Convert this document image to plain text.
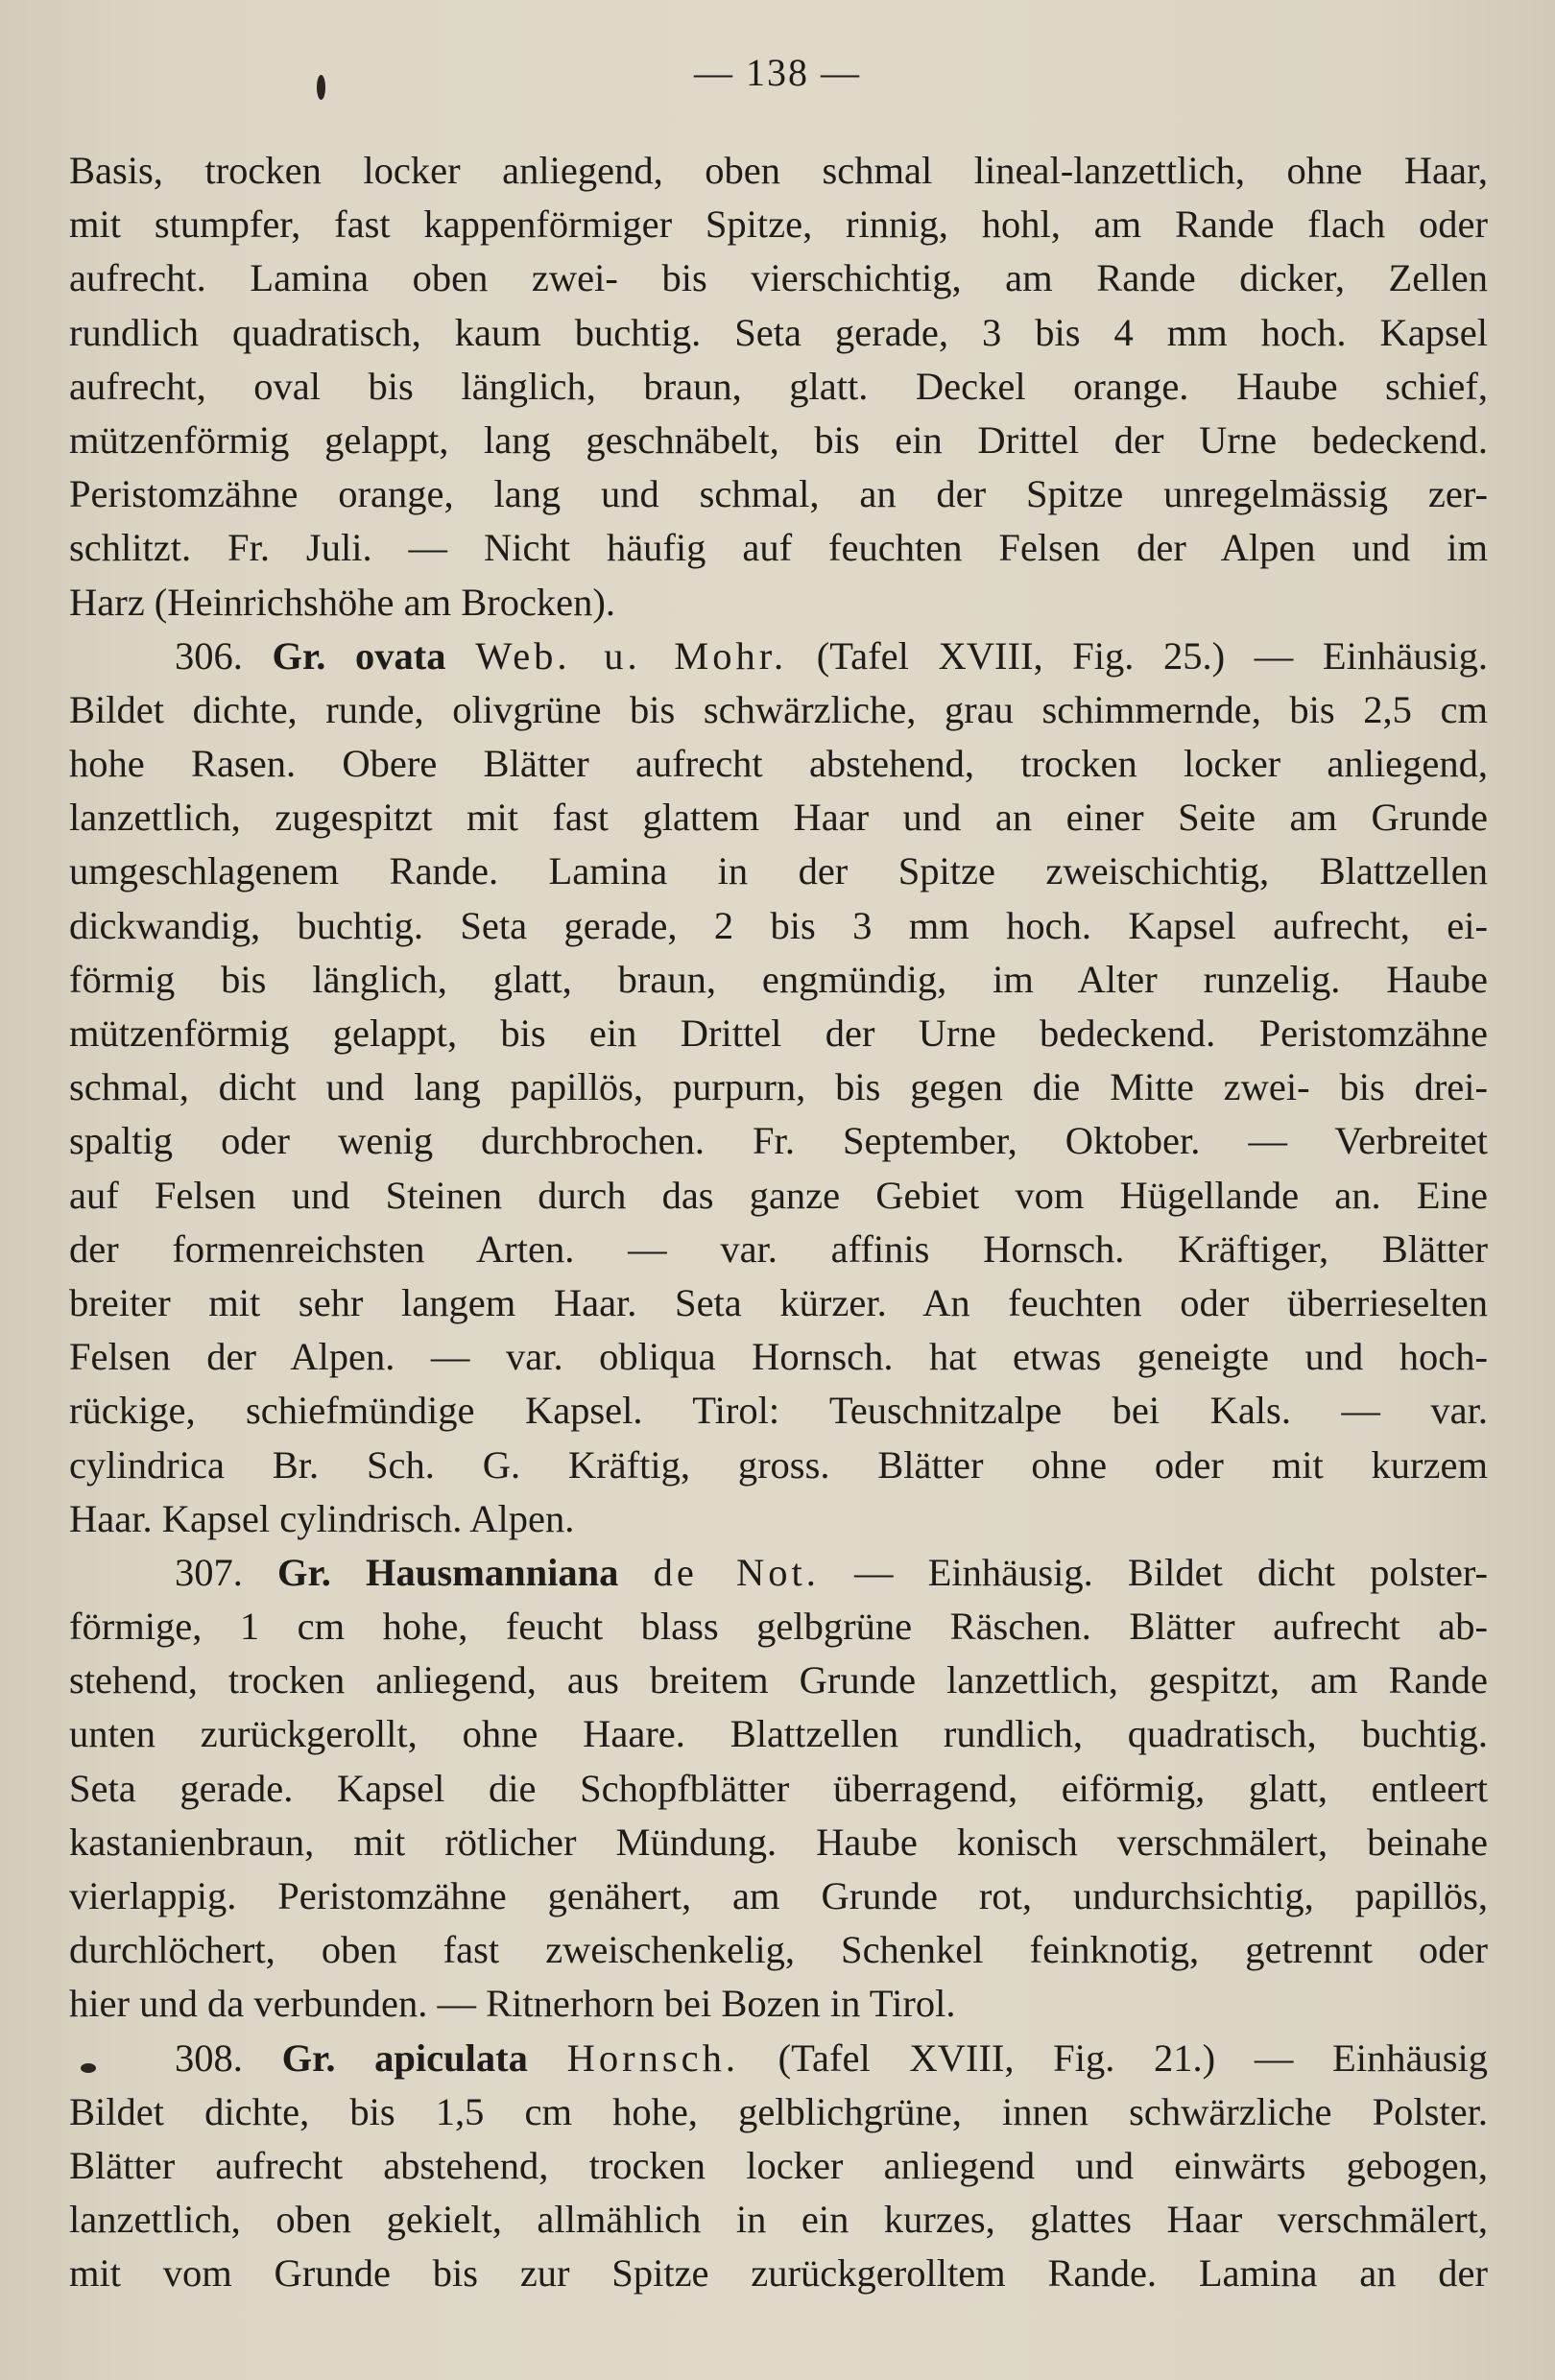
— 138 —
Basis, trocken locker anliegend, oben schmal lineal-lanzettlich, ohne Haar,
mit stumpfer, fast kappenförmiger Spitze, rinnig, hohl, am Rande flach oder
aufrecht. Lamina oben zwei- bis vierschichtig, am Rande dicker, Zellen
rundlich quadratisch, kaum buchtig. Seta gerade, 3 bis 4 mm hoch. Kapsel
aufrecht, oval bis länglich, braun, glatt. Deckel orange. Haube schief,
mützenförmig gelappt, lang geschnäbelt, bis ein Drittel der Urne bedeckend.
Peristomzähne orange, lang und schmal, an der Spitze unregelmässig zer-
schlitzt. Fr. Juli. — Nicht häufig auf feuchten Felsen der Alpen und im
Harz (Heinrichshöhe am Brocken).
306. Gr. ovata Web. u. Mohr. (Tafel XVIII, Fig. 25.) — Einhäusig.
Bildet dichte, runde, olivgrüne bis schwärzliche, grau schimmernde, bis 2,5 cm
hohe Rasen. Obere Blätter aufrecht abstehend, trocken locker anliegend,
lanzettlich, zugespitzt mit fast glattem Haar und an einer Seite am Grunde
umgeschlagenem Rande. Lamina in der Spitze zweischichtig, Blattzellen
dickwandig, buchtig. Seta gerade, 2 bis 3 mm hoch. Kapsel aufrecht, ei-
förmig bis länglich, glatt, braun, engmündig, im Alter runzelig. Haube
mützenförmig gelappt, bis ein Drittel der Urne bedeckend. Peristomzähne
schmal, dicht und lang papillös, purpurn, bis gegen die Mitte zwei- bis drei-
spaltig oder wenig durchbrochen. Fr. September, Oktober. — Verbreitet
auf Felsen und Steinen durch das ganze Gebiet vom Hügellande an. Eine
der formenreichsten Arten. — var. affinis Hornsch. Kräftiger, Blätter
breiter mit sehr langem Haar. Seta kürzer. An feuchten oder überrieselten
Felsen der Alpen. — var. obliqua Hornsch. hat etwas geneigte und hoch-
rückige, schiefmündige Kapsel. Tirol: Teuschnitzalpe bei Kals. — var.
cylindrica Br. Sch. G. Kräftig, gross. Blätter ohne oder mit kurzem
Haar. Kapsel cylindrisch. Alpen.
307. Gr. Hausmanniana de Not. — Einhäusig. Bildet dicht polster-
förmige, 1 cm hohe, feucht blass gelbgrüne Räschen. Blätter aufrecht ab-
stehend, trocken anliegend, aus breitem Grunde lanzettlich, gespitzt, am Rande
unten zurückgerollt, ohne Haare. Blattzellen rundlich, quadratisch, buchtig.
Seta gerade. Kapsel die Schopfblätter überragend, eiförmig, glatt, entleert
kastanienbraun, mit rötlicher Mündung. Haube konisch verschmälert, beinahe
vierlappig. Peristomzähne genähert, am Grunde rot, undurchsichtig, papillös,
durchlöchert, oben fast zweischenkelig, Schenkel feinknotig, getrennt oder
hier und da verbunden. — Ritnerhorn bei Bozen in Tirol.
308. Gr. apiculata Hornsch. (Tafel XVIII, Fig. 21.) — Einhäusig
Bildet dichte, bis 1,5 cm hohe, gelblichgrüne, innen schwärzliche Polster.
Blätter aufrecht abstehend, trocken locker anliegend und einwärts gebogen,
lanzettlich, oben gekielt, allmählich in ein kurzes, glattes Haar verschmälert,
mit vom Grunde bis zur Spitze zurückgerolltem Rande. Lamina an der
